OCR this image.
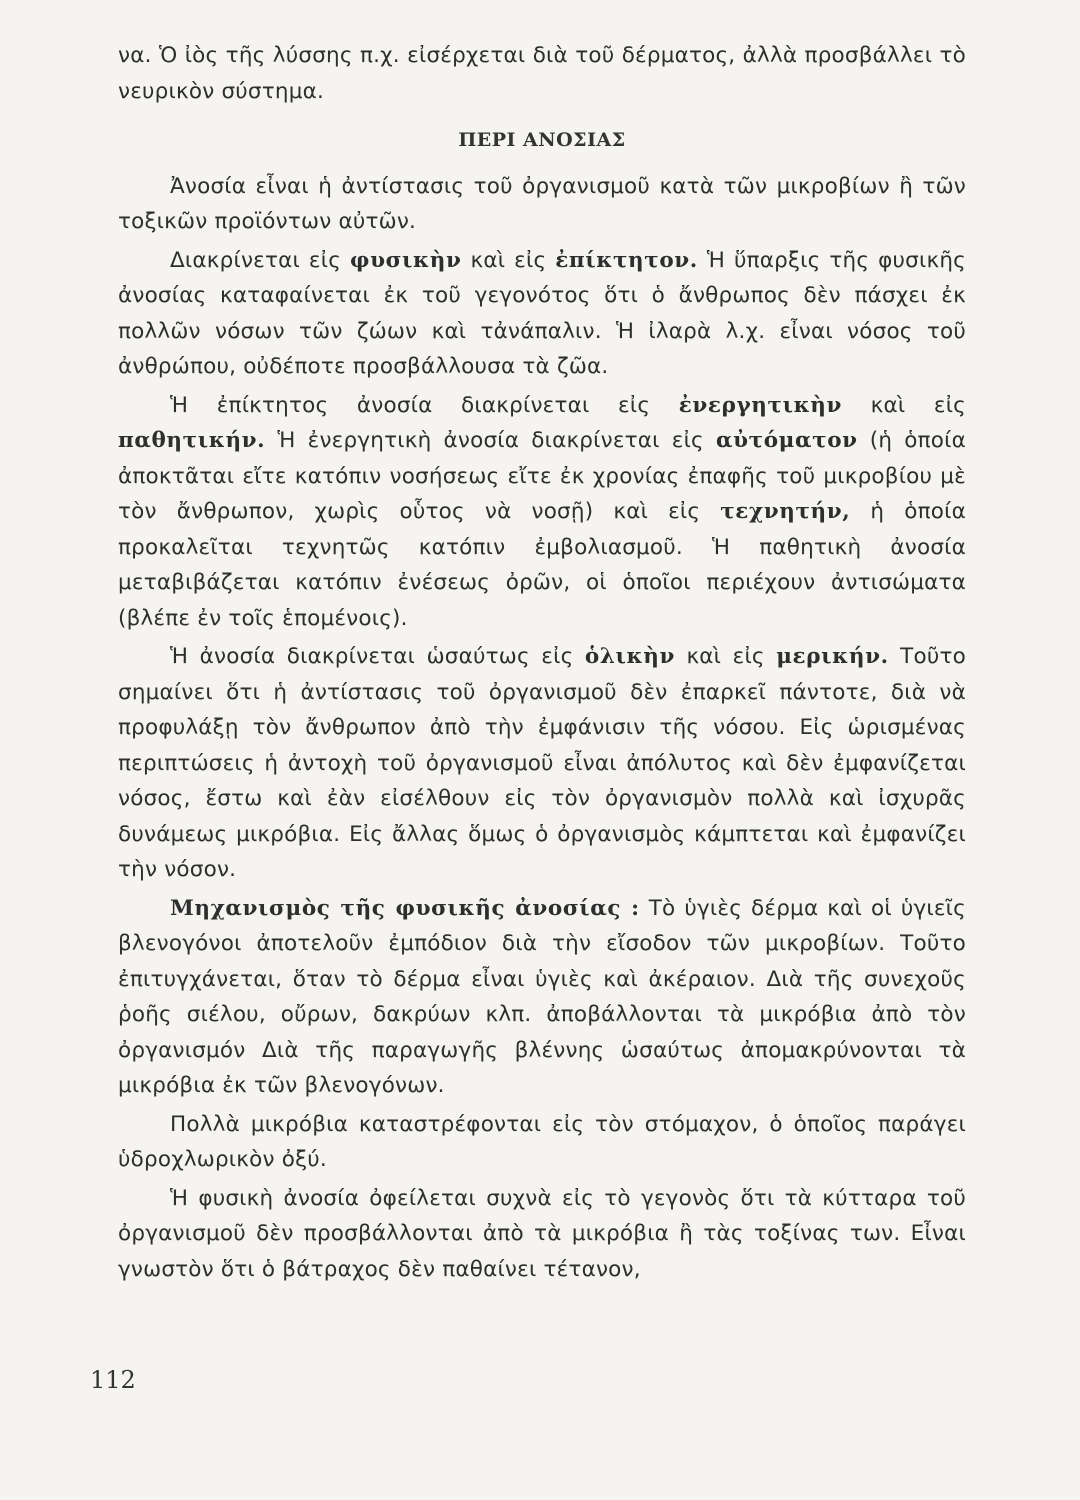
να. Ὁ ἰὸς τῆς λύσσης π.χ. εἰσέρχεται διὰ τοῦ δέρματος, ἀλλὰ προσβάλλει τὸ νευρικὸν σύστημα.

ΠΕΡΙ ΑΝΟΣΙΑΣ

Ἀνοσία εἶναι ἡ ἀντίστασις τοῦ ὀργανισμοῦ κατὰ τῶν μικροβίων ἢ τῶν τοξικῶν προϊόντων αὐτῶν.

Διακρίνεται εἰς φυσικὴν καὶ εἰς ἐπίκτητον. Ἡ ὕπαρξις τῆς φυσικῆς ἀνοσίας καταφαίνεται ἐκ τοῦ γεγονότος ὅτι ὁ ἄνθρωπος δὲν πάσχει ἐκ πολλῶν νόσων τῶν ζώων καὶ τἀνάπαλιν. Ἡ ἰλαρὰ λ.χ. εἶναι νόσος τοῦ ἀνθρώπου, οὐδέποτε προσβάλλουσα τὰ ζῶα.

Ἡ ἐπίκτητος ἀνοσία διακρίνεται εἰς ἐνεργητικὴν καὶ εἰς παθητικήν. Ἡ ἐνεργητικὴ ἀνοσία διακρίνεται εἰς αὐτόματον (ἡ ὁποία ἀποκτᾶται εἴτε κατόπιν νοσήσεως εἴτε ἐκ χρονίας ἐπαφῆς τοῦ μικροβίου μὲ τὸν ἄνθρωπον, χωρὶς οὗτος νὰ νοσῇ) καὶ εἰς τεχνητήν, ἡ ὁποία προκαλεῖται τεχνητῶς κατόπιν ἐμβολιασμοῦ. Ἡ παθητικὴ ἀνοσία μεταβιβάζεται κατόπιν ἐνέσεως ὀρῶν, οἱ ὁποῖοι περιέχουν ἀντισώματα (βλέπε ἐν τοῖς ἑπομένοις).

Ἡ ἀνοσία διακρίνεται ὡσαύτως εἰς ὁλικὴν καὶ εἰς μερικήν. Τοῦτο σημαίνει ὅτι ἡ ἀντίστασις τοῦ ὀργανισμοῦ δὲν ἐπαρκεῖ πάντοτε, διὰ νὰ προφυλάξῃ τὸν ἄνθρωπον ἀπὸ τὴν ἐμφάνισιν τῆς νόσου. Εἰς ὡρισμένας περιπτώσεις ἡ ἀντοχὴ τοῦ ὀργανισμοῦ εἶναι ἀπόλυτος καὶ δὲν ἐμφανίζεται νόσος, ἔστω καὶ ἐὰν εἰσέλθουν εἰς τὸν ὀργανισμὸν πολλὰ καὶ ἰσχυρᾶς δυνάμεως μικρόβια. Εἰς ἄλλας ὅμως ὁ ὀργανισμὸς κάμπτεται καὶ ἐμφανίζει τὴν νόσον.

Μηχανισμὸς τῆς φυσικῆς ἀνοσίας : Τὸ ὑγιὲς δέρμα καὶ οἱ ὑγιεῖς βλενογόνοι ἀποτελοῦν ἐμπόδιον διὰ τὴν εἴσοδον τῶν μικροβίων. Τοῦτο ἐπιτυγχάνεται, ὅταν τὸ δέρμα εἶναι ὑγιὲς καὶ ἀκέραιον. Διὰ τῆς συνεχοῦς ῥοῆς σιέλου, οὔρων, δακρύων κλπ. ἀποβάλλονται τὰ μικρόβια ἀπὸ τὸν ὀργανισμόν Διὰ τῆς παραγωγῆς βλέννης ὡσαύτως ἀπομακρύνονται τὰ μικρόβια ἐκ τῶν βλενογόνων.

Πολλὰ μικρόβια καταστρέφονται εἰς τὸν στόμαχον, ὁ ὁποῖος παράγει ὑδροχλωρικὸν ὀξύ.

Ἡ φυσικὴ ἀνοσία ὀφείλεται συχνὰ εἰς τὸ γεγονὸς ὅτι τὰ κύτταρα τοῦ ὀργανισμοῦ δὲν προσβάλλονται ἀπὸ τὰ μικρόβια ἢ τὰς τοξίνας των. Εἶναι γνωστὸν ὅτι ὁ βάτραχος δὲν παθαίνει τέτανον,

112
